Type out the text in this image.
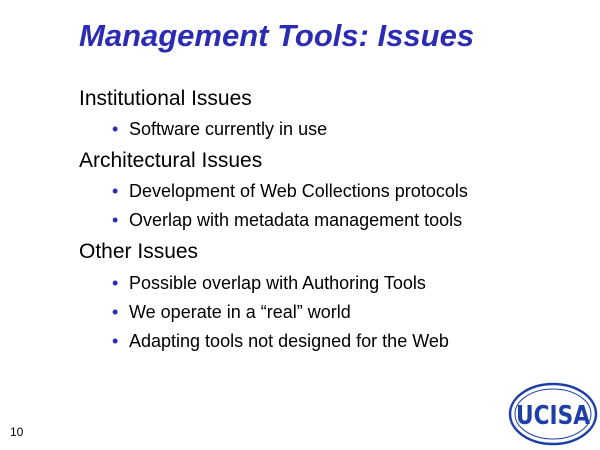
Management Tools: Issues
Institutional Issues
• Software currently in use
Architectural Issues
• Development of Web Collections protocols
• Overlap with metadata management tools
Other Issues
• Possible overlap with Authoring Tools
• We operate in a “real” world
• Adapting tools not designed for the Web
10
UCISA
